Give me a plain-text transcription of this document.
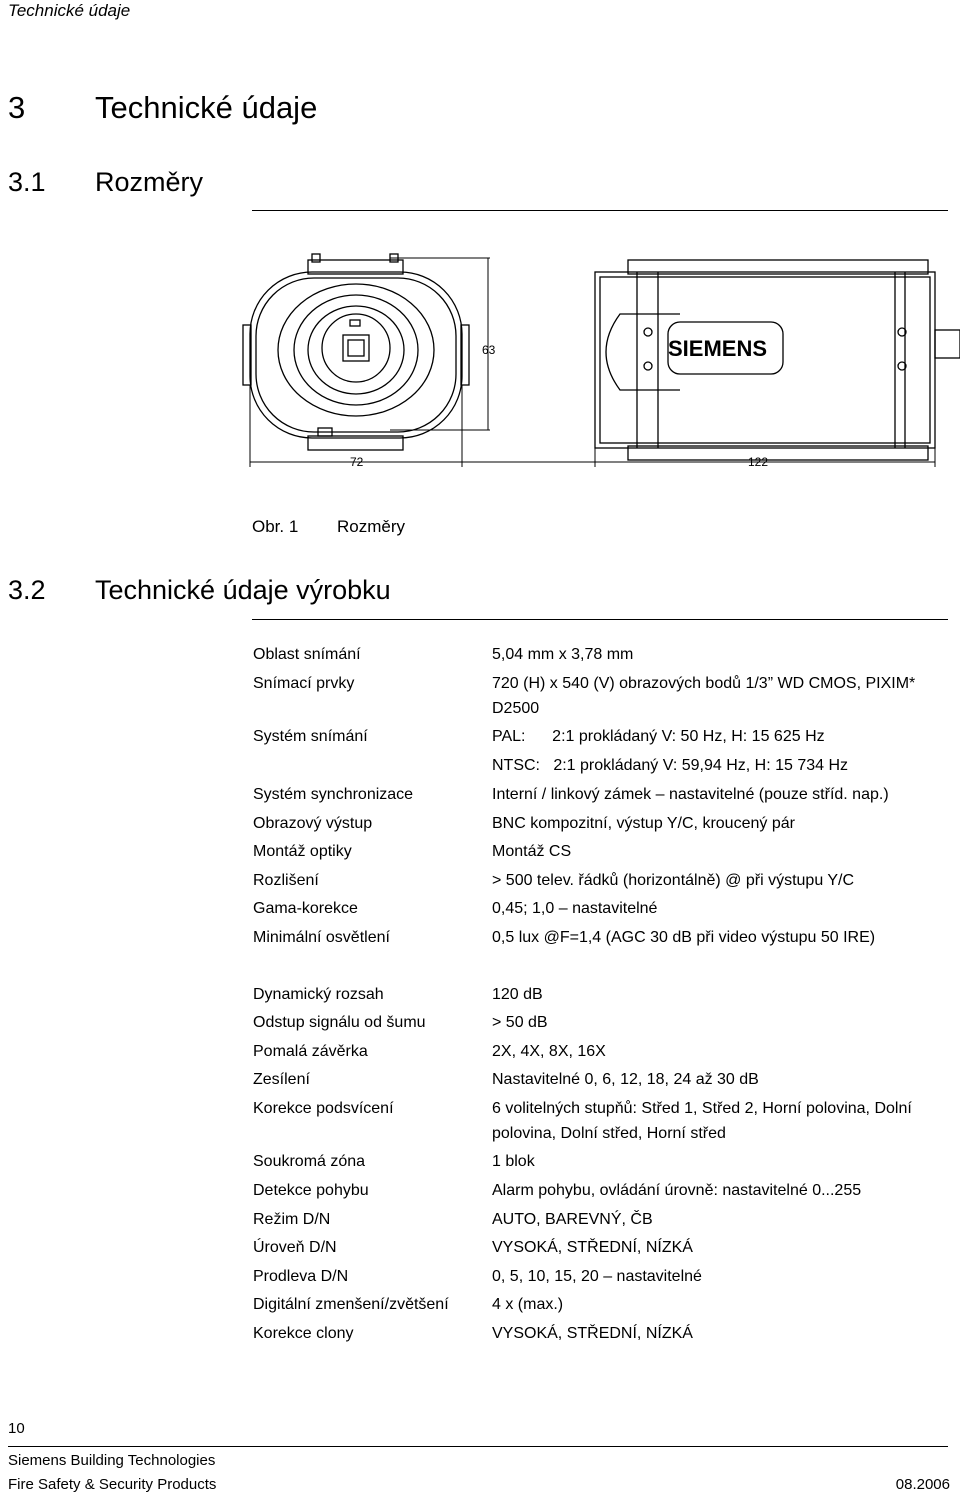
Technické údaje
3 Technické údaje
3.1 Rozměry
SIEMENS
63
72	122
Obr. 1 Rozměry
3.2 Technické údaje výrobku
Oblast snímání	5,04 mm x 3,78 mm
Snímací prvky	720 (H) x 540 (V) obrazových bodů 1/3” WD CMOS, PIXIM*
D2500
Systém snímání	PAL:      2:1 prokládaný V: 50 Hz, H: 15 625 Hz
NTSC:   2:1 prokládaný V: 59,94 Hz, H: 15 734 Hz
Systém synchronizace	Interní / linkový zámek – nastavitelné (pouze stříd. nap.)
Obrazový výstup	BNC kompozitní, výstup Y/C, kroucený pár
Montáž optiky	Montáž CS
Rozlišení	> 500 telev. řádků (horizontálně) @ při výstupu Y/C
Gama-korekce	0,45; 1,0 – nastavitelné
Minimální osvětlení	0,5 lux @F=1,4 (AGC 30 dB při video výstupu 50 IRE)
Dynamický rozsah	120 dB
Odstup signálu od šumu	> 50 dB
Pomalá závěrka	2X, 4X, 8X, 16X
Zesílení	Nastavitelné 0, 6, 12, 18, 24 až 30 dB
Korekce podsvícení	6 volitelných stupňů: Střed 1, Střed 2, Horní polovina, Dolní
polovina, Dolní střed, Horní střed
Soukromá zóna	1 blok
Detekce pohybu	Alarm pohybu, ovládání úrovně: nastavitelné 0...255
Režim D/N	AUTO, BAREVNÝ, ČB
Úroveň D/N	VYSOKÁ, STŘEDNÍ, NÍZKÁ
Prodleva D/N	0, 5, 10, 15, 20 – nastavitelné
Digitální zmenšení/zvětšení	4 x (max.)
Korekce clony	VYSOKÁ, STŘEDNÍ, NÍZKÁ
10
Siemens Building Technologies
Fire Safety & Security Products	08.2006
